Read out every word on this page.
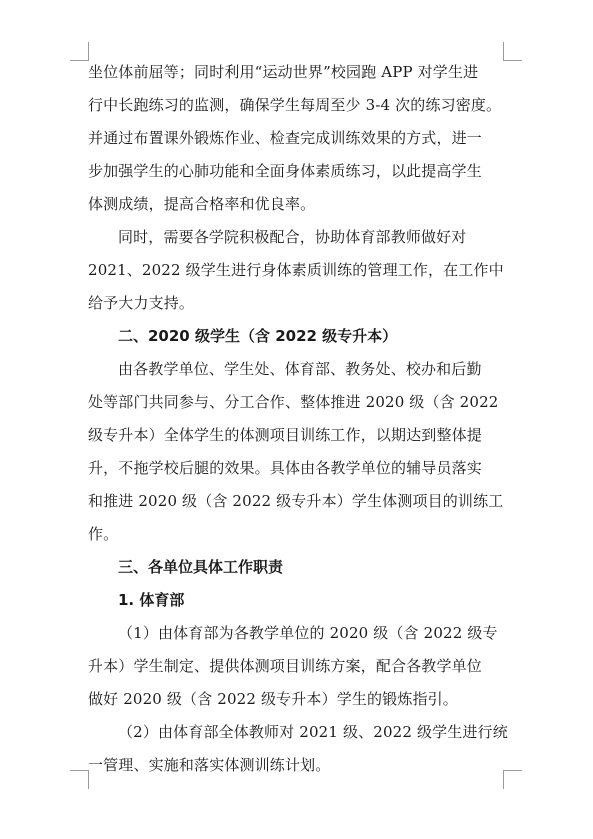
坐位体前屈等；同时利用“运动世界”校园跑 APP 对学生进
行中长跑练习的监测，确保学生每周至少 3-4 次的练习密度。
并通过布置课外锻炼作业、检查完成训练效果的方式，进一
步加强学生的心肺功能和全面身体素质练习，以此提高学生
体测成绩，提高合格率和优良率。

同时，需要各学院积极配合，协助体育部教师做好对
2021、2022 级学生进行身体素质训练的管理工作，在工作中
给予大力支持。

二、2020 级学生（含 2022 级专升本）

由各教学单位、学生处、体育部、教务处、校办和后勤
处等部门共同参与、分工合作、整体推进 2020 级（含 2022
级专升本）全体学生的体测项目训练工作，以期达到整体提
升，不拖学校后腿的效果。具体由各教学单位的辅导员落实
和推进 2020 级（含 2022 级专升本）学生体测项目的训练工
作。

三、各单位具体工作职责
1. 体育部

（1）由体育部为各教学单位的 2020 级（含 2022 级专
升本）学生制定、提供体测项目训练方案，配合各教学单位
做好 2020 级（含 2022 级专升本）学生的锻炼指引。

（2）由体育部全体教师对 2021 级、2022 级学生进行统
一管理、实施和落实体测训练计划。
